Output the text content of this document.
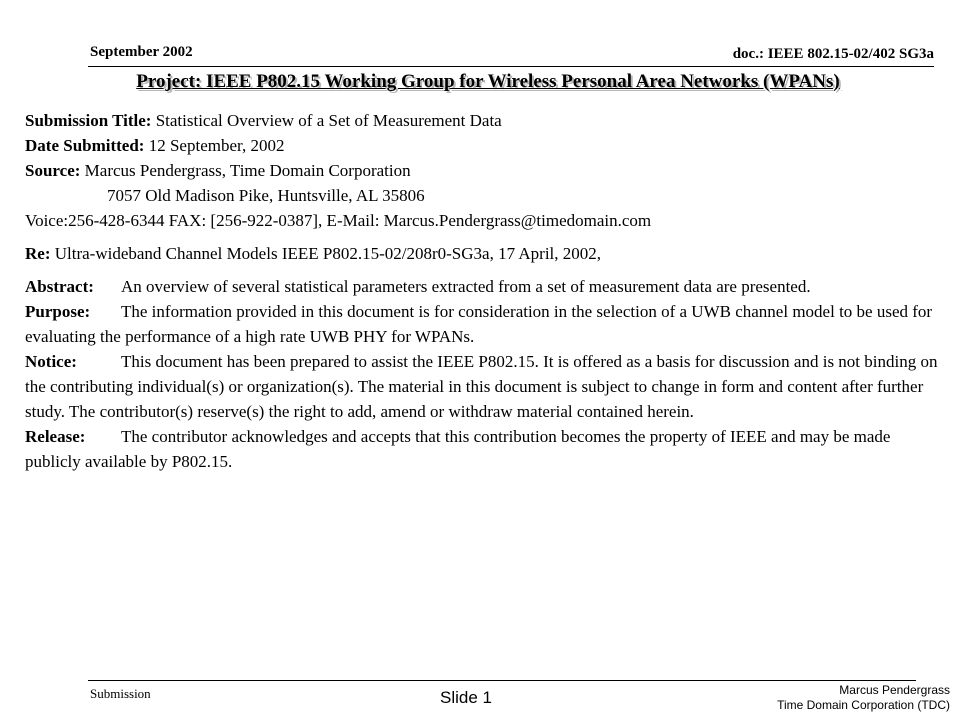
September 2002	doc.: IEEE 802.15-02/402 SG3a
Project: IEEE P802.15 Working Group for Wireless Personal Area Networks (WPANs)

Submission Title: Statistical Overview of a Set of Measurement Data

Date Submitted: 12 September, 2002

Source: Marcus Pendergrass, Time Domain Corporation

7057 Old Madison Pike, Huntsville, AL 35806

Voice:256-428-6344 FAX: [256-922-0387], E-Mail: Marcus.Pendergrass@timedomain.com

Re: Ultra-wideband Channel Models IEEE P802.15-02/208r0-SG3a, 17 April, 2002,

Abstract: An overview of several statistical parameters extracted from a set of measurement data are presented.

Purpose: The information provided in this document is for consideration in the selection of a UWB channel model to be used for evaluating the performance of a high rate UWB PHY for WPANs.

Notice:	This document has been prepared to assist the IEEE P802.15. It is offered as a basis for discussion and is not binding on the contributing individual(s) or organization(s). The material in this document is subject to change in form and content after further study. The contributor(s) reserve(s) the right to add, amend or withdraw material contained herein.

Release: The contributor acknowledges and accepts that this contribution becomes the property of IEEE and may be made publicly available by P802.15.

Submission	Slide 1	Marcus Pendergrass
Time Domain Corporation (TDC)
